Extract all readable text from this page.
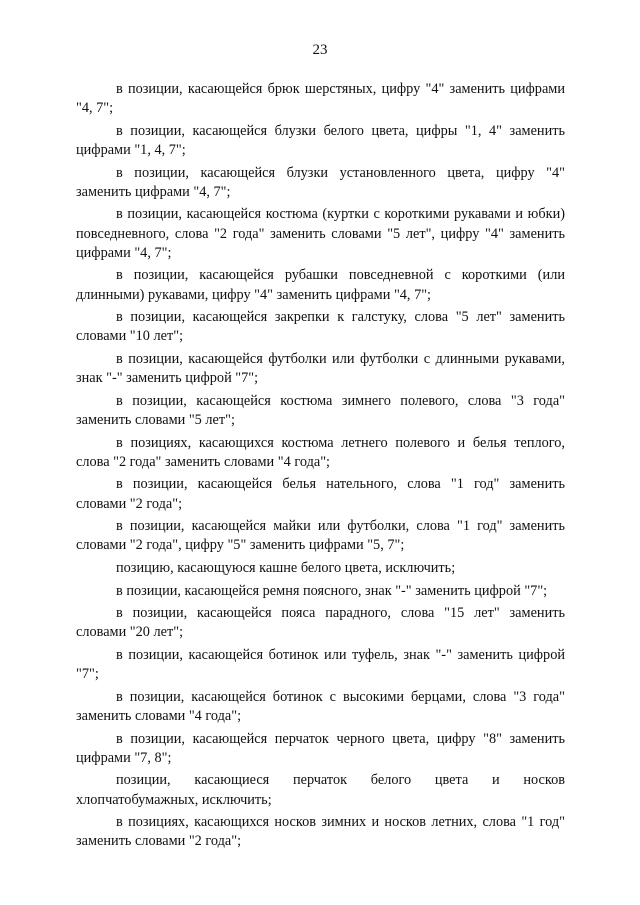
23

в позиции, касающейся брюк шерстяных, цифру "4" заменить цифрами "4, 7";

в позиции, касающейся блузки белого цвета, цифры "1, 4" заменить цифрами "1, 4, 7";

в позиции, касающейся блузки установленного цвета, цифру "4" заменить цифрами "4, 7";

в позиции, касающейся костюма (куртки с короткими рукавами и юбки) повседневного, слова "2 года" заменить словами "5 лет", цифру "4" заменить цифрами "4, 7";

в позиции, касающейся рубашки повседневной с короткими (или длинными) рукавами, цифру "4" заменить цифрами "4, 7";

в позиции, касающейся закрепки к галстуку, слова "5 лет" заменить словами "10 лет";

в позиции, касающейся футболки или футболки с длинными рукавами, знак "-" заменить цифрой "7";

в позиции, касающейся костюма зимнего полевого, слова "3 года" заменить словами "5 лет";

в позициях, касающихся костюма летнего полевого и белья теплого, слова "2 года" заменить словами "4 года";

в позиции, касающейся белья нательного, слова "1 год" заменить словами "2 года";

в позиции, касающейся майки или футболки, слова "1 год" заменить словами "2 года", цифру "5" заменить цифрами "5, 7";

позицию, касающуюся кашне белого цвета, исключить;

в позиции, касающейся ремня поясного, знак "-" заменить цифрой "7";

в позиции, касающейся пояса парадного, слова "15 лет" заменить словами "20 лет";

в позиции, касающейся ботинок или туфель, знак "-" заменить цифрой "7";

в позиции, касающейся ботинок с высокими берцами, слова "3 года" заменить словами "4 года";

в позиции, касающейся перчаток черного цвета, цифру "8" заменить цифрами "7, 8";

позиции, касающиеся перчаток белого цвета и носков хлопчатобумажных, исключить;

в позициях, касающихся носков зимних и носков летних, слова "1 год" заменить словами "2 года";
